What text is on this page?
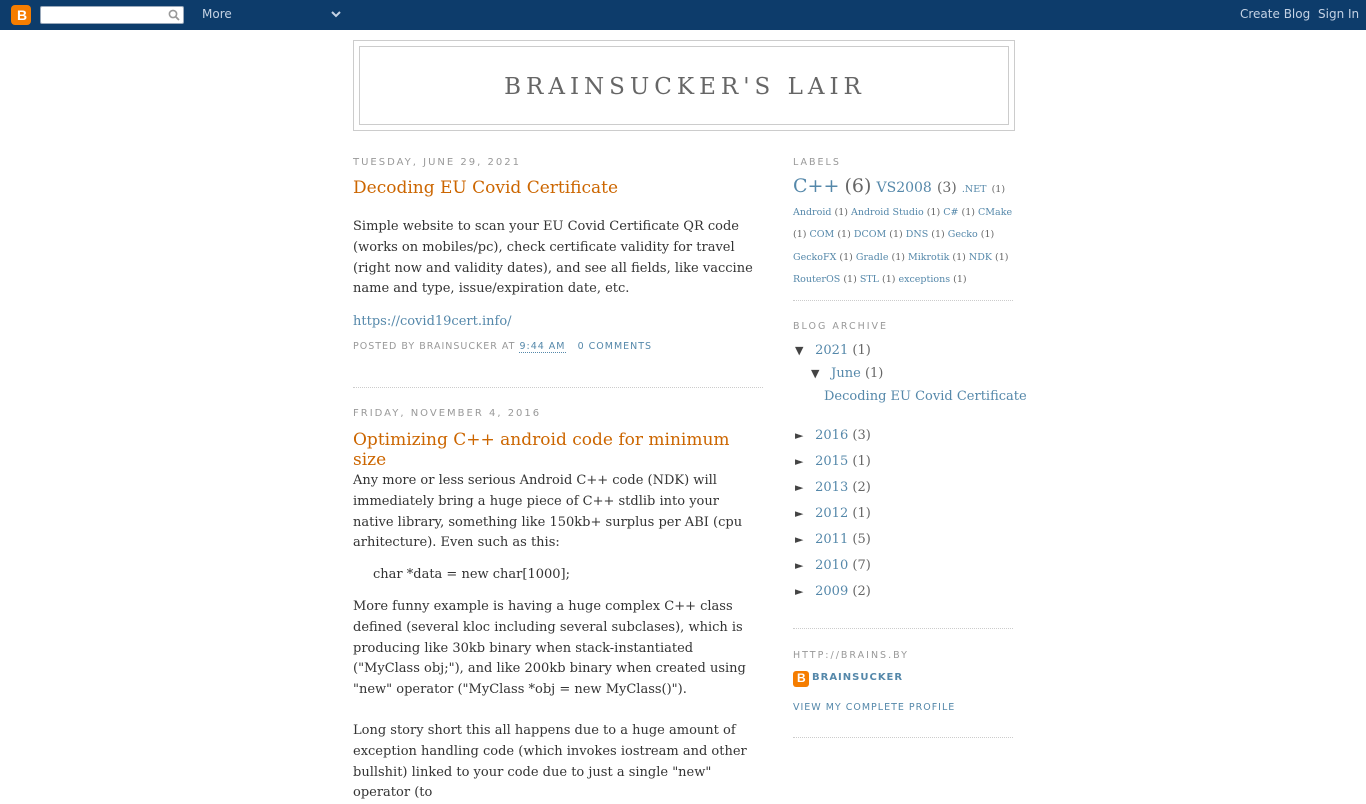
B	More	Create Blog Sign In
BRAINSUCKER'S LAIR
TUESDAY, JUNE 29, 2021
Decoding EU Covid Certificate

Simple website to scan your EU Covid Certificate QR code (works on mobiles/pc), check certificate validity for travel (right now and validity dates), and see all fields, like vaccine name and type, issue/expiration date, etc.

https://covid19cert.info/

POSTED BY BRAINSUCKER AT 9:44 AM 0 COMMENTS
FRIDAY, NOVEMBER 4, 2016
Optimizing C++ android code for minimum size

Any more or less serious Android C++ code (NDK) will immediately bring a huge piece of C++ stdlib into your native library, something like 150kb+ surplus per ABI (cpu arhitecture). Even such as this:

char *data = new char[1000];

More funny example is having a huge complex C++ class defined (several kloc including several subclases), which is producing like 30kb binary when stack-instantiated ("MyClass obj;"), and like 200kb binary when created using "new" operator ("MyClass *obj = new MyClass()").

Long story short this all happens due to a huge amount of exception handling code (which invokes iostream and other bullshit) linked to your code due to just a single "new" operator (to

LABELS
C++ (6) VS2008 (3) .NET (1) Android (1) Android Studio (1) C# (1) CMake (1) COM (1) DCOM (1) DNS (1) Gecko (1) GeckoFX (1) Gradle (1) Mikrotik (1) NDK (1) RouterOS (1) STL (1) exceptions (1)
BLOG ARCHIVE
▼ 2021 (1)
▼ June (1)
Decoding EU Covid Certificate
► 2016 (3)
► 2015 (1)
► 2013 (2)
► 2012 (1)
► 2011 (5)
► 2010 (7)
► 2009 (2)
HTTP://BRAINS.BY
B BRAINSUCKER
VIEW MY COMPLETE PROFILE
